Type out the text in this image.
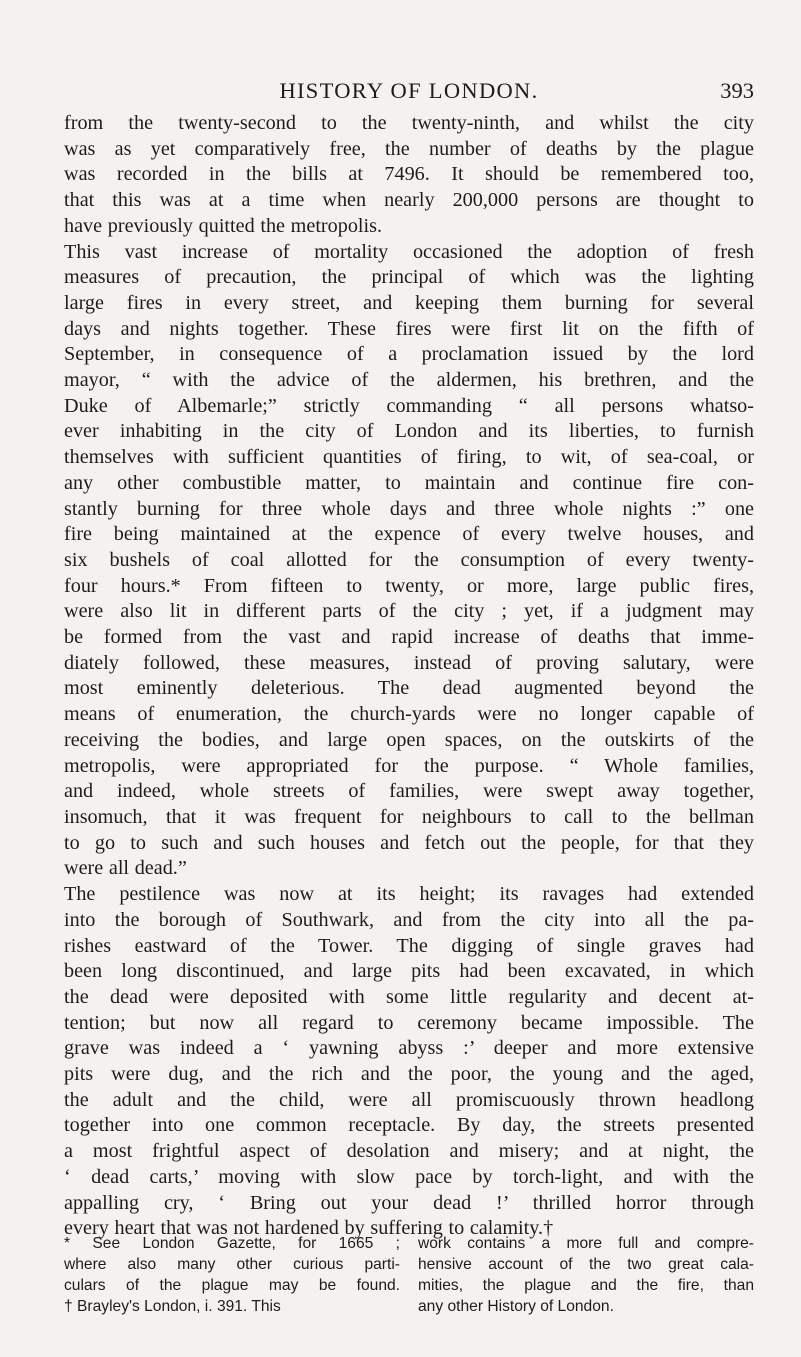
HISTORY OF LONDON.	393

from the twenty-second to the twenty-ninth, and whilst the city
was as yet comparatively free, the number of deaths by the plague
was recorded in the bills at 7496. It should be remembered too,
that this was at a time when nearly 200,000 persons are thought to
have previously quitted the metropolis.

This vast increase of mortality occasioned the adoption of fresh
measures of precaution, the principal of which was the lighting
large fires in every street, and keeping them burning for several
days and nights together. These fires were first lit on the fifth of
September, in consequence of a proclamation issued by the lord
mayor, “ with the advice of the aldermen, his brethren, and the
Duke of Albemarle;” strictly commanding “ all persons whatso-
ever inhabiting in the city of London and its liberties, to furnish
themselves with sufficient quantities of firing, to wit, of sea-coal, or
any other combustible matter, to maintain and continue fire con-
stantly burning for three whole days and three whole nights :” one
fire being maintained at the expence of every twelve houses, and
six bushels of coal allotted for the consumption of every twenty-
four hours.* From fifteen to twenty, or more, large public fires,
were also lit in different parts of the city ; yet, if a judgment may
be formed from the vast and rapid increase of deaths that imme-
diately followed, these measures, instead of proving salutary, were
most eminently deleterious. The dead augmented beyond the
means of enumeration, the church-yards were no longer capable of
receiving the bodies, and large open spaces, on the outskirts of the
metropolis, were appropriated for the purpose. “ Whole families,
and indeed, whole streets of families, were swept away together,
insomuch, that it was frequent for neighbours to call to the bellman
to go to such and such houses and fetch out the people, for that they
were all dead.”

The pestilence was now at its height; its ravages had extended
into the borough of Southwark, and from the city into all the pa-
rishes eastward of the Tower. The digging of single graves had
been long discontinued, and large pits had been excavated, in which
the dead were deposited with some little regularity and decent at-
tention; but now all regard to ceremony became impossible. The
grave was indeed a ‘ yawning abyss :’ deeper and more extensive
pits were dug, and the rich and the poor, the young and the aged,
the adult and the child, were all promiscuously thrown headlong
together into one common receptacle. By day, the streets presented
a most frightful aspect of desolation and misery; and at night, the
‘ dead carts,’ moving with slow pace by torch-light, and with the
appalling cry, ‘ Bring out your dead !’ thrilled horror through
every heart that was not hardened by suffering to calamity.†

* See London Gazette, for 1665 ;
where also many other curious parti-
culars of the plague may be found.
† Brayley's London, i. 391. This
work contains a more full and compre-
hensive account of the two great cala-
mities, the plague and the fire, than
any other History of London.
